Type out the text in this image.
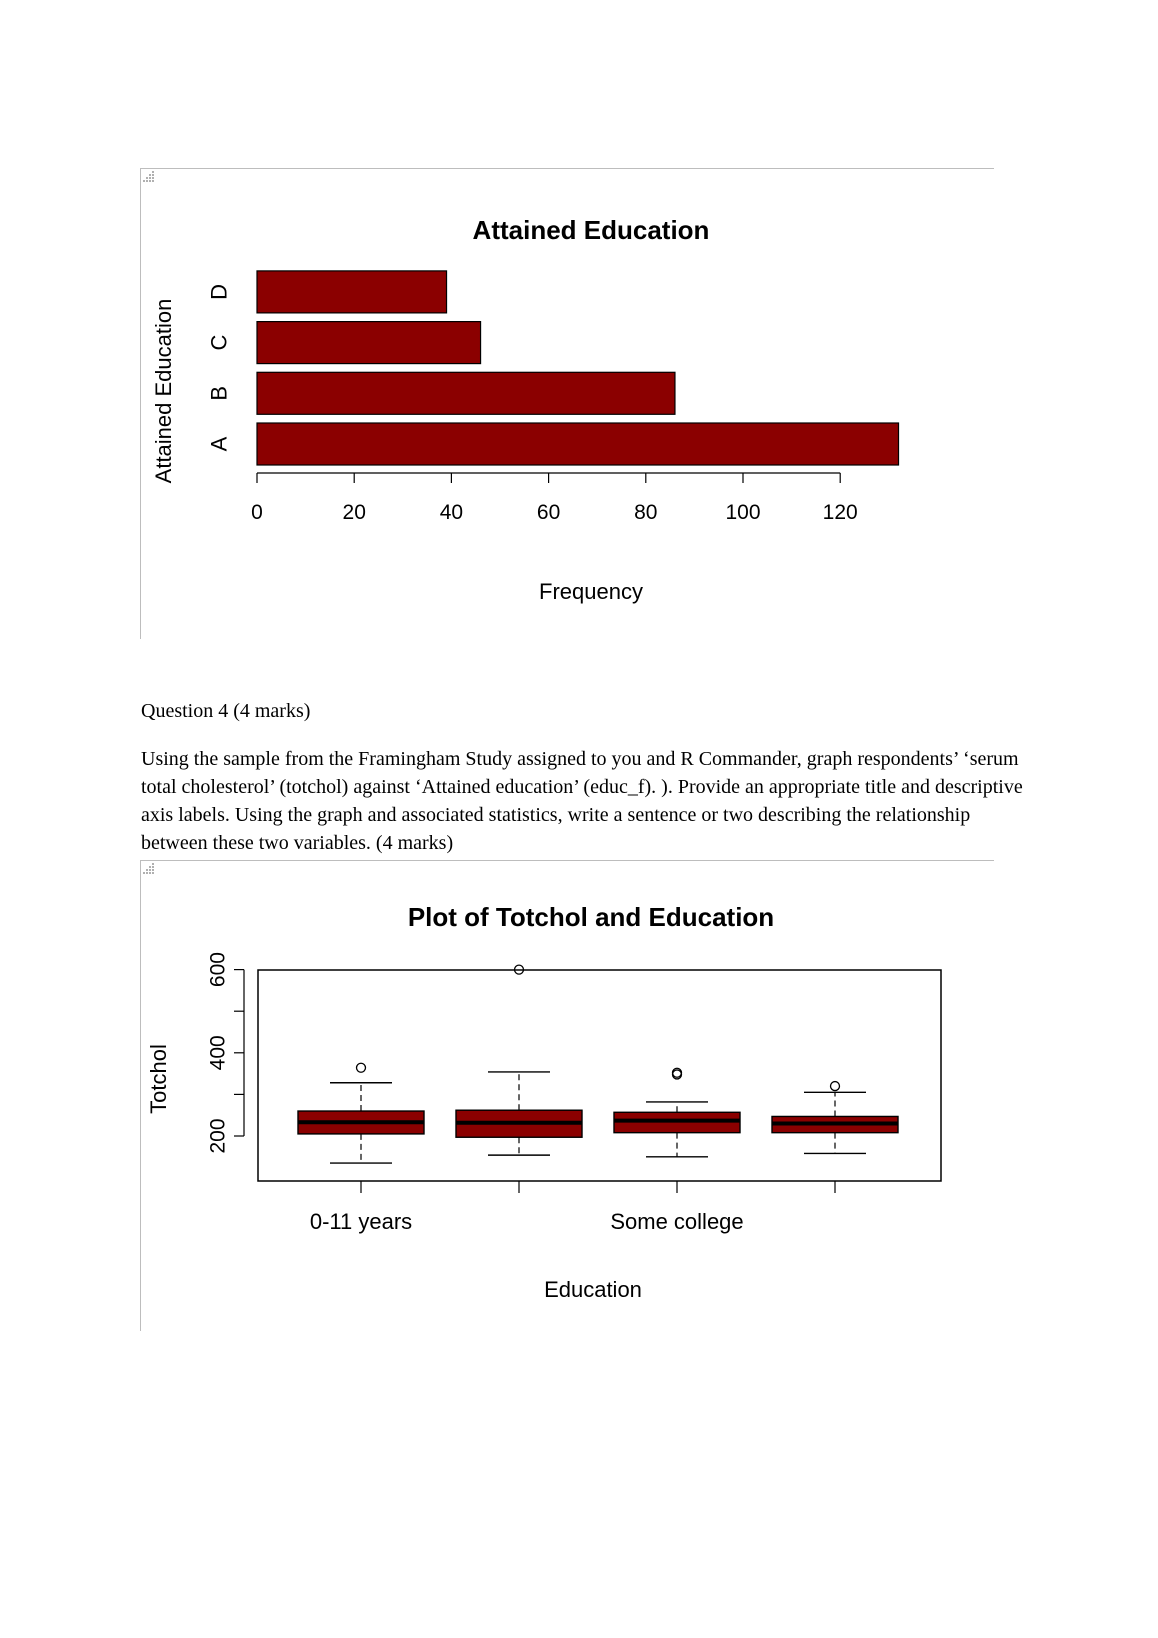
Attained Education
Attained Education
Frequency
A
B
C
D
0	20	40	60	80	100	120
Question 4 (4 marks)
Using the sample from the Framingham Study assigned to you and R Commander, graph respondents’ ‘serum total cholesterol’ (totchol) against ‘Attained education’ (educ_f). ). Provide an appropriate title and descriptive axis labels. Using the graph and associated statistics, write a sentence or two describing the relationship between these two variables. (4 marks)
Plot of Totchol and Education
Totchol
Education
200
400
600
0-11 years	Some college
